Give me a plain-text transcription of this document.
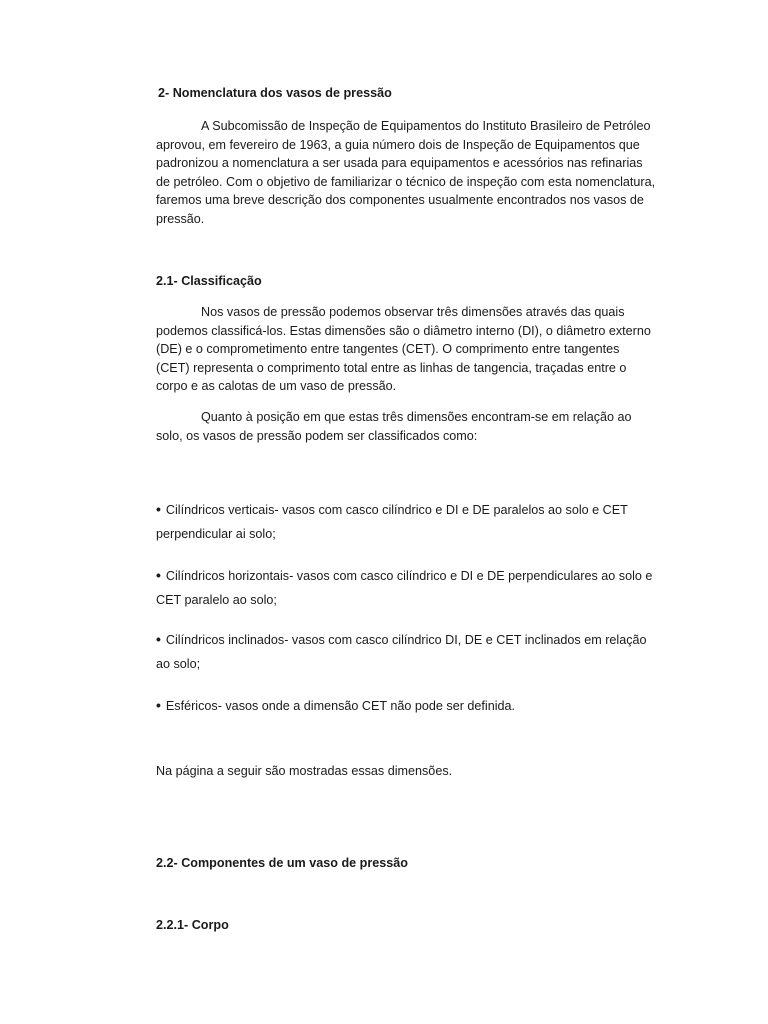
2- Nomenclatura dos vasos de pressão

A Subcomissão de Inspeção de Equipamentos do Instituto Brasileiro de Petróleo aprovou, em fevereiro de 1963, a guia número dois de Inspeção de Equipamentos que padronizou a nomenclatura a ser usada para equipamentos e acessórios nas refinarias de petróleo. Com o objetivo de familiarizar o técnico de inspeção com esta nomenclatura, faremos uma breve descrição dos componentes usualmente encontrados nos vasos de pressão.

2.1- Classificação

Nos vasos de pressão podemos observar três dimensões através das quais podemos classificá-los. Estas dimensões são o diâmetro interno (DI), o diâmetro externo (DE) e o comprometimento entre tangentes (CET). O comprimento entre tangentes (CET) representa o comprimento total entre as linhas de tangencia, traçadas entre o corpo e as calotas de um vaso de pressão.

Quanto à posição em que estas três dimensões encontram-se em relação ao solo, os vasos de pressão podem ser classificados como:

• Cilíndricos verticais- vasos com casco cilíndrico e DI e DE paralelos ao solo e CET perpendicular ai solo;
• Cilíndricos horizontais- vasos com casco cilíndrico e DI e DE perpendiculares ao solo e CET paralelo ao solo;
• Cilíndricos inclinados- vasos com casco cilíndrico DI, DE e CET inclinados em relação ao solo;
• Esféricos- vasos onde a dimensão CET não pode ser definida.

Na página a seguir são mostradas essas dimensões.

2.2- Componentes de um vaso de pressão
2.2.1- Corpo
